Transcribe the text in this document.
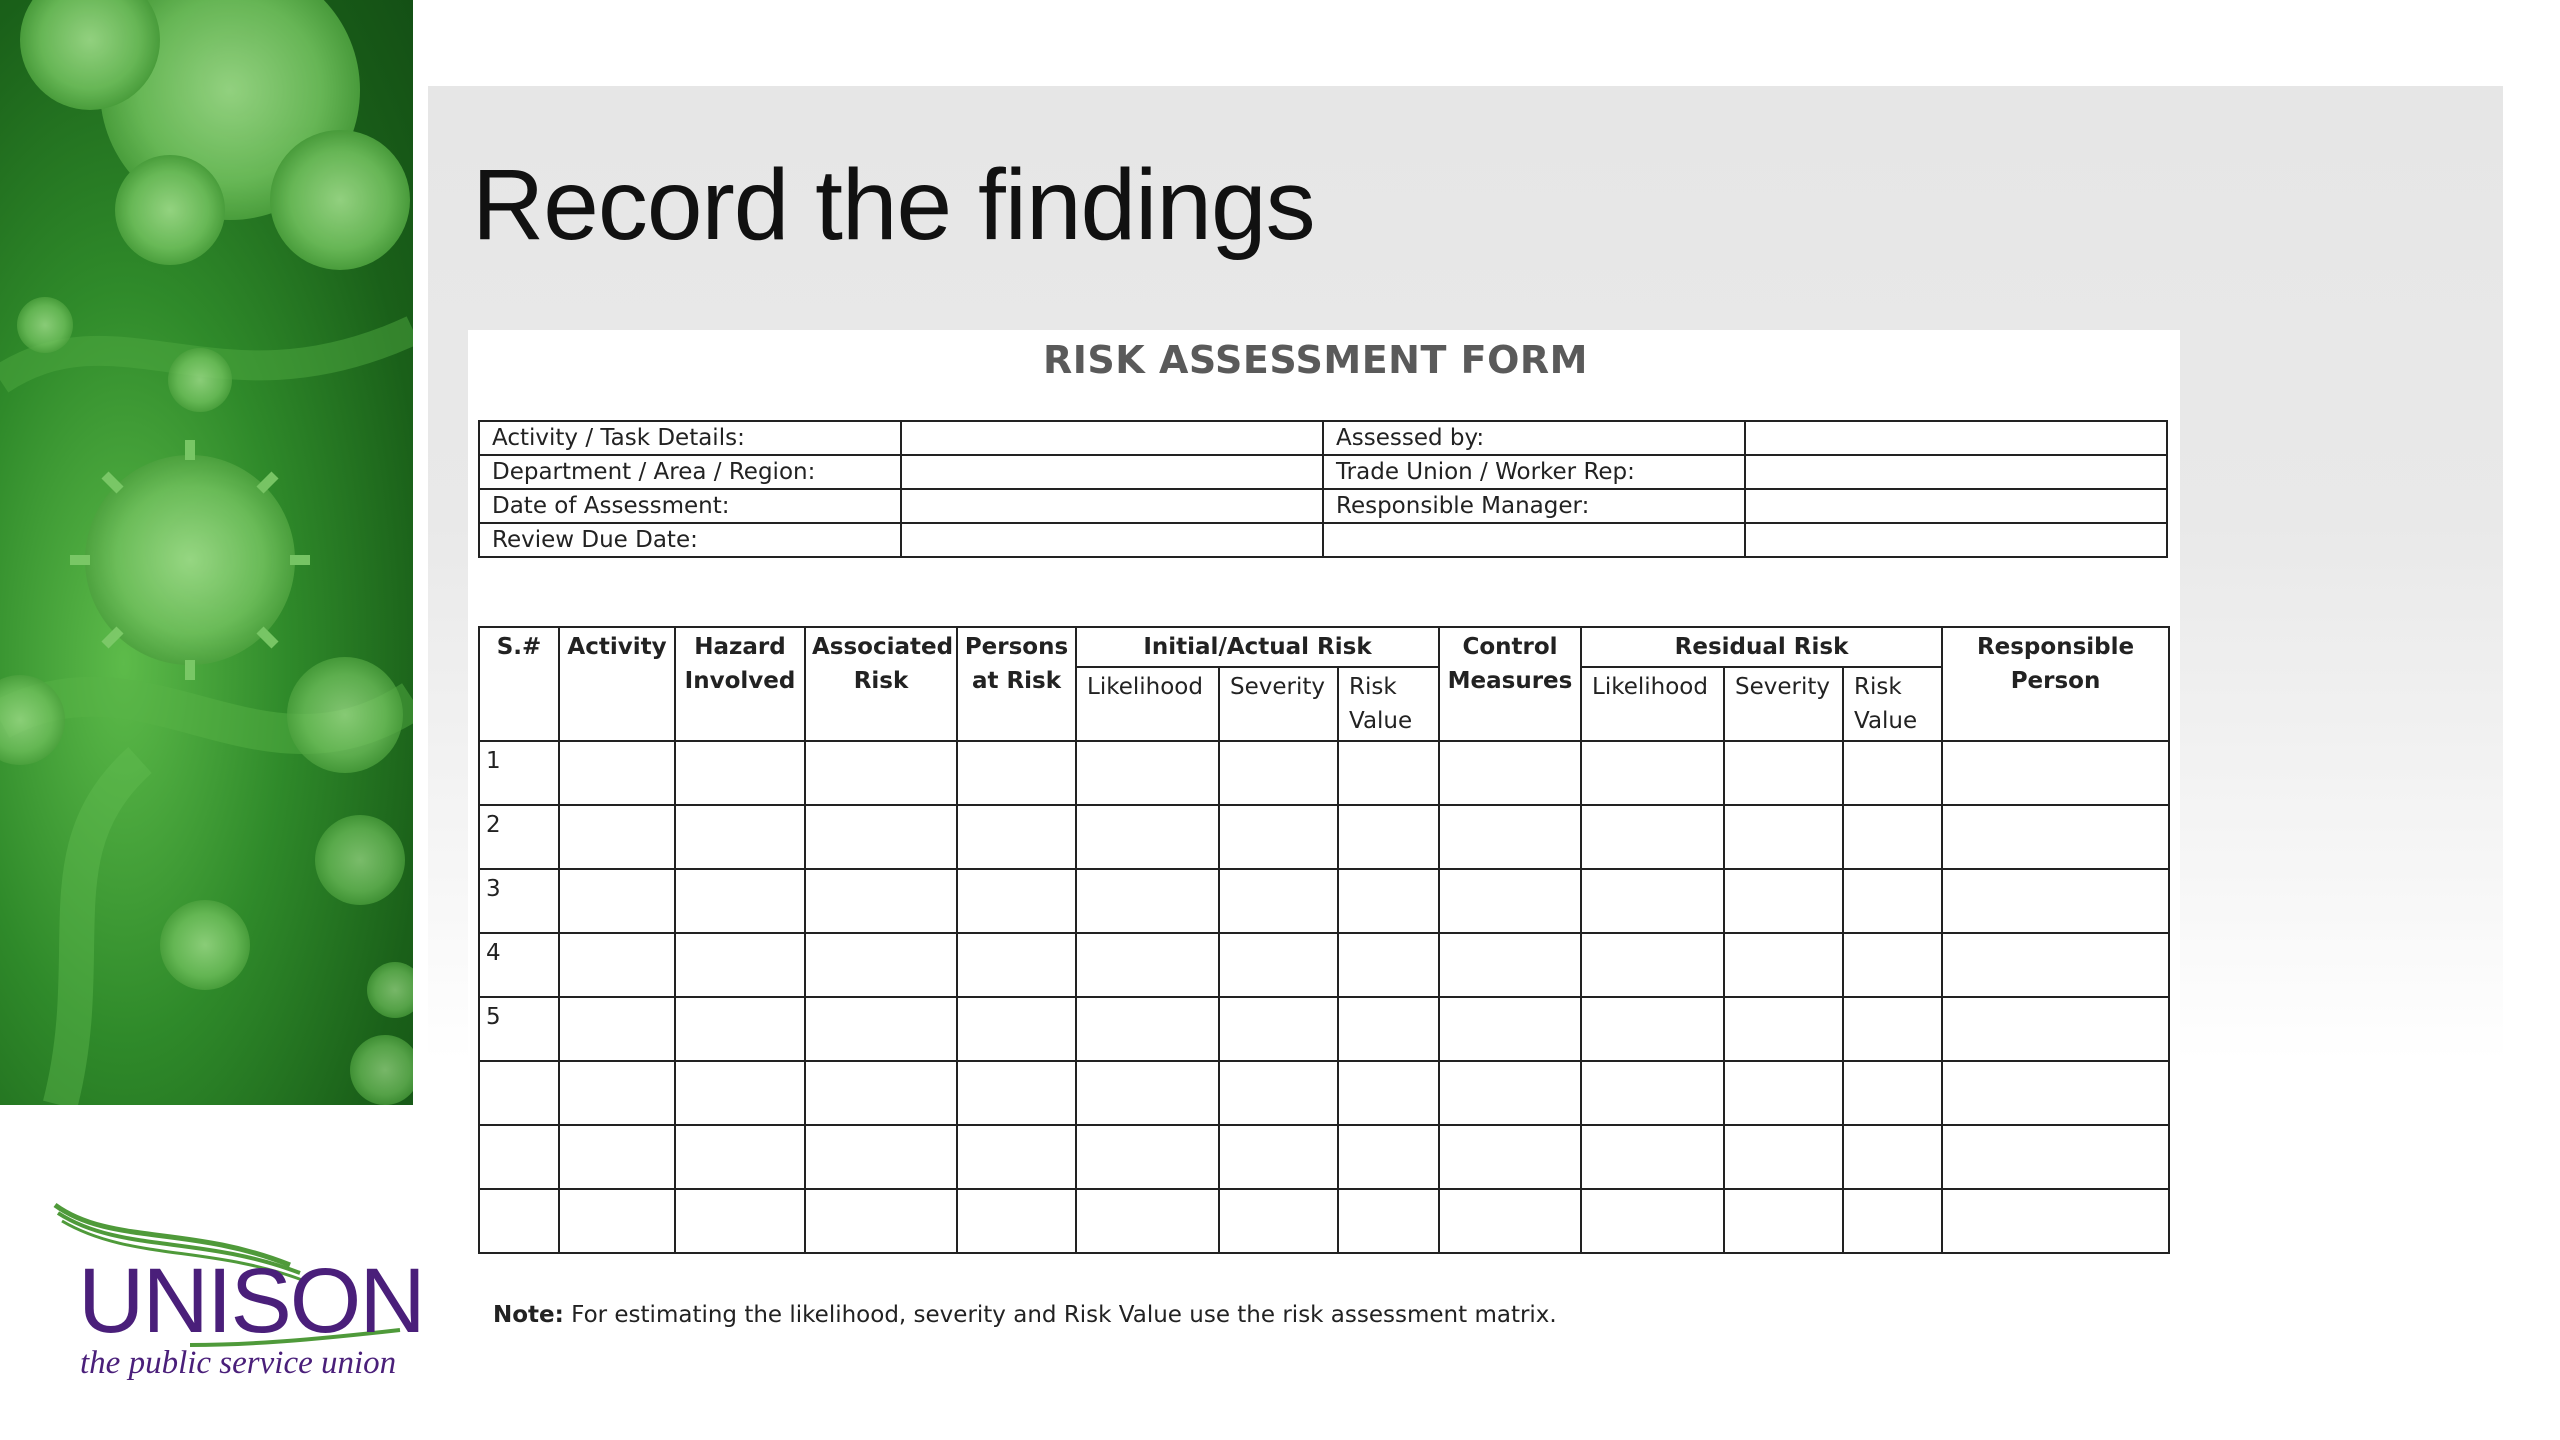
Record the findings
RISK ASSESSMENT FORM
Activity / Task Details:		Assessed by:	
Department / Area / Region:		Trade Union / Worker Rep:	
Date of Assessment:		Responsible Manager:	
Review Due Date:			
S.#	Activity	Hazard Involved	Associated Risk	Persons at Risk	Initial/Actual Risk			Control Measures	Residual Risk			Responsible Person
					Likelihood	Severity	Risk Value		Likelihood	Severity	Risk Value	
1												
2												
3												
4												
5												

Note: For estimating the likelihood, severity and Risk Value use the risk assessment matrix.
UNISON
the public service union
